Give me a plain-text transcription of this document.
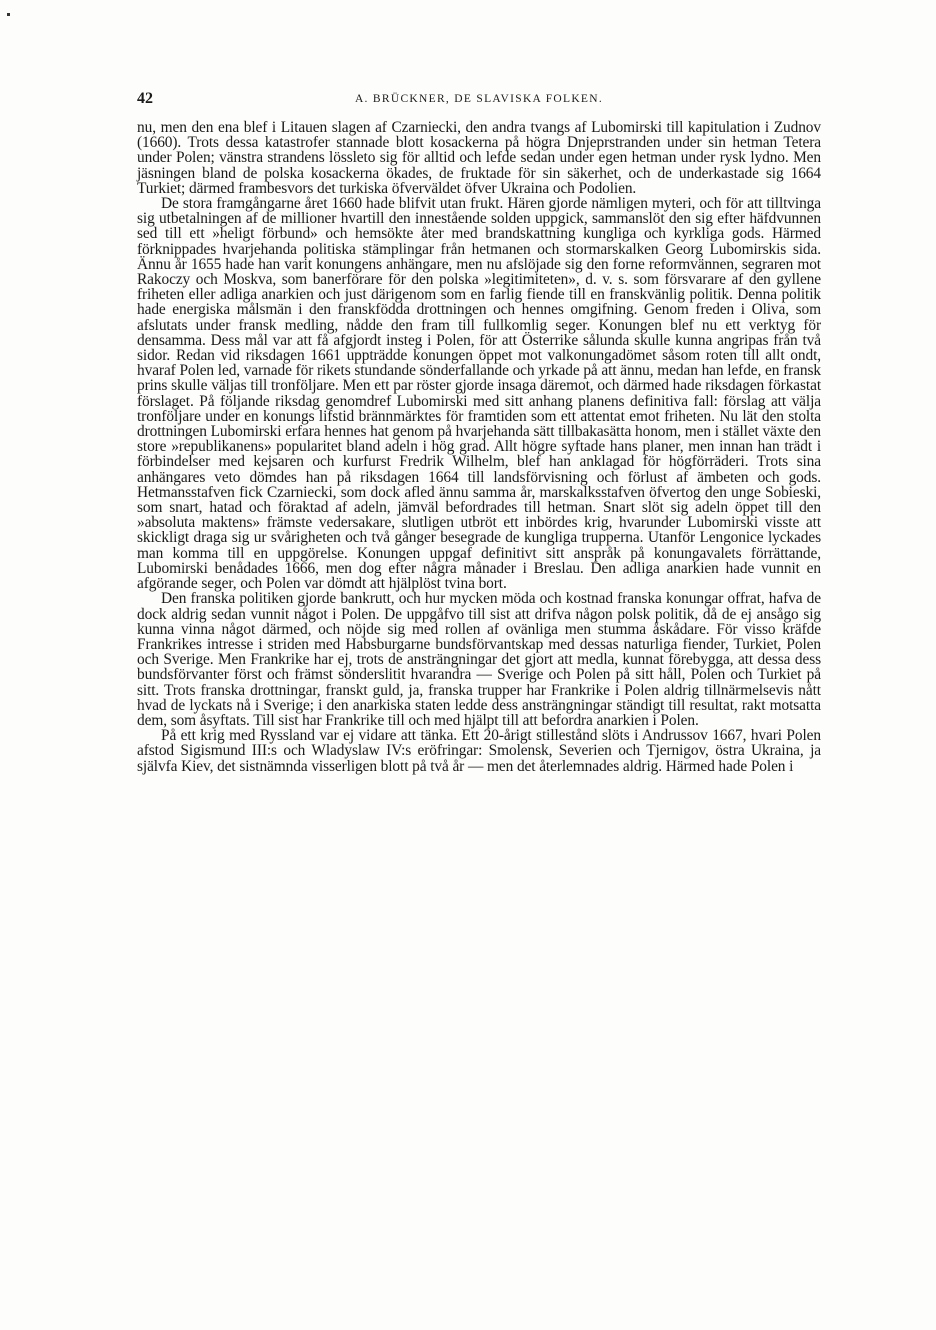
42	A. BRÜCKNER, DE SLAVISKA FOLKEN.

nu, men den ena blef i Litauen slagen af Czarniecki, den andra tvangs af Lubomirski till kapitulation i Zudnov (1660). Trots dessa katastrofer stannade blott kosackerna på högra Dnjeprstranden under sin hetman Tetera under Polen; vänstra strandens lössleto sig för alltid och lefde sedan under egen hetman under rysk lydno. Men jäsningen bland de polska kosackerna ökades, de fruktade för sin säkerhet, och de underkastade sig 1664 Turkiet; därmed frambesvors det turkiska öfverväldet öfver Ukraina och Podolien.

De stora framgångarne året 1660 hade blifvit utan frukt. Hären gjorde nämligen myteri, och för att tilltvinga sig utbetalningen af de millioner hvartill den innestående solden uppgick, sammanslöt den sig efter häfdvunnen sed till ett »heligt förbund» och hemsökte åter med brandskattning kungliga och kyrkliga gods. Härmed förknippades hvarjehanda politiska stämplingar från hetmanen och stormarskalken Georg Lubomirskis sida. Ännu år 1655 hade han varit konungens anhängare, men nu afslöjade sig den forne reformvännen, segraren mot Rakoczy och Moskva, som banerförare för den polska »legitimiteten», d. v. s. som försvarare af den gyllene friheten eller adliga anarkien och just därigenom som en farlig fiende till en franskvänlig politik. Denna politik hade energiska målsmän i den franskfödda drottningen och hennes omgifning. Genom freden i Oliva, som afslutats under fransk medling, nådde den fram till fullkomlig seger. Konungen blef nu ett verktyg för densamma. Dess mål var att få afgjordt insteg i Polen, för att Österrike sålunda skulle kunna angripas från två sidor. Redan vid riksdagen 1661 uppträdde konungen öppet mot valkonungadömet såsom roten till allt ondt, hvaraf Polen led, varnade för rikets stundande sönderfallande och yrkade på att ännu, medan han lefde, en fransk prins skulle väljas till tronföljare. Men ett par röster gjorde insaga däremot, och därmed hade riksdagen förkastat förslaget. På följande riksdag genomdref Lubomirski med sitt anhang planens definitiva fall: förslag att välja tronföljare under en konungs lifstid brännmärktes för framtiden som ett attentat emot friheten. Nu lät den stolta drottningen Lubomirski erfara hennes hat genom på hvarjehanda sätt tillbakasätta honom, men i stället växte den store »republikanens» popularitet bland adeln i hög grad. Allt högre syftade hans planer, men innan han trädt i förbindelser med kejsaren och kurfurst Fredrik Wilhelm, blef han anklagad för högförräderi. Trots sina anhängares veto dömdes han på riksdagen 1664 till landsförvisning och förlust af ämbeten och gods. Hetmansstafven fick Czarniecki, som dock afled ännu samma år, marskalksstafven öfvertog den unge Sobieski, som snart, hatad och föraktad af adeln, jämväl befordrades till hetman. Snart slöt sig adeln öppet till den »absoluta maktens» främste vedersakare, slutligen utbröt ett inbördes krig, hvarunder Lubomirski visste att skickligt draga sig ur svårigheten och två gånger besegrade de kungliga trupperna. Utanför Lengonice lyckades man komma till en uppgörelse. Konungen uppgaf definitivt sitt anspråk på konungavalets förrättande, Lubomirski benådades 1666, men dog efter några månader i Breslau. Den adliga anarkien hade vunnit en afgörande seger, och Polen var dömdt att hjälplöst tvina bort.

Den franska politiken gjorde bankrutt, och hur mycken möda och kostnad franska konungar offrat, hafva de dock aldrig sedan vunnit något i Polen. De uppgåfvo till sist att drifva någon polsk politik, då de ej ansågo sig kunna vinna något därmed, och nöjde sig med rollen af ovänliga men stumma åskådare. För visso kräfde Frankrikes intresse i striden med Habsburgarne bundsförvantskap med dessas naturliga fiender, Turkiet, Polen och Sverige. Men Frankrike har ej, trots de ansträngningar det gjort att medla, kunnat förebygga, att dessa dess bundsförvanter först och främst sönderslitit hvarandra — Sverige och Polen på sitt håll, Polen och Turkiet på sitt. Trots franska drottningar, franskt guld, ja, franska trupper har Frankrike i Polen aldrig tillnärmelsevis nått hvad de lyckats nå i Sverige; i den anarkiska staten ledde dess ansträngningar ständigt till resultat, rakt motsatta dem, som åsyftats. Till sist har Frankrike till och med hjälpt till att befordra anarkien i Polen.

På ett krig med Ryssland var ej vidare att tänka. Ett 20-årigt stillestånd slöts i Andrussov 1667, hvari Polen afstod Sigismund III:s och Wladyslaw IV:s eröfringar: Smolensk, Severien och Tjernigov, östra Ukraina, ja självfa Kiev, det sistnämnda visserligen blott på två år — men det återlemnades aldrig. Härmed hade Polen i
